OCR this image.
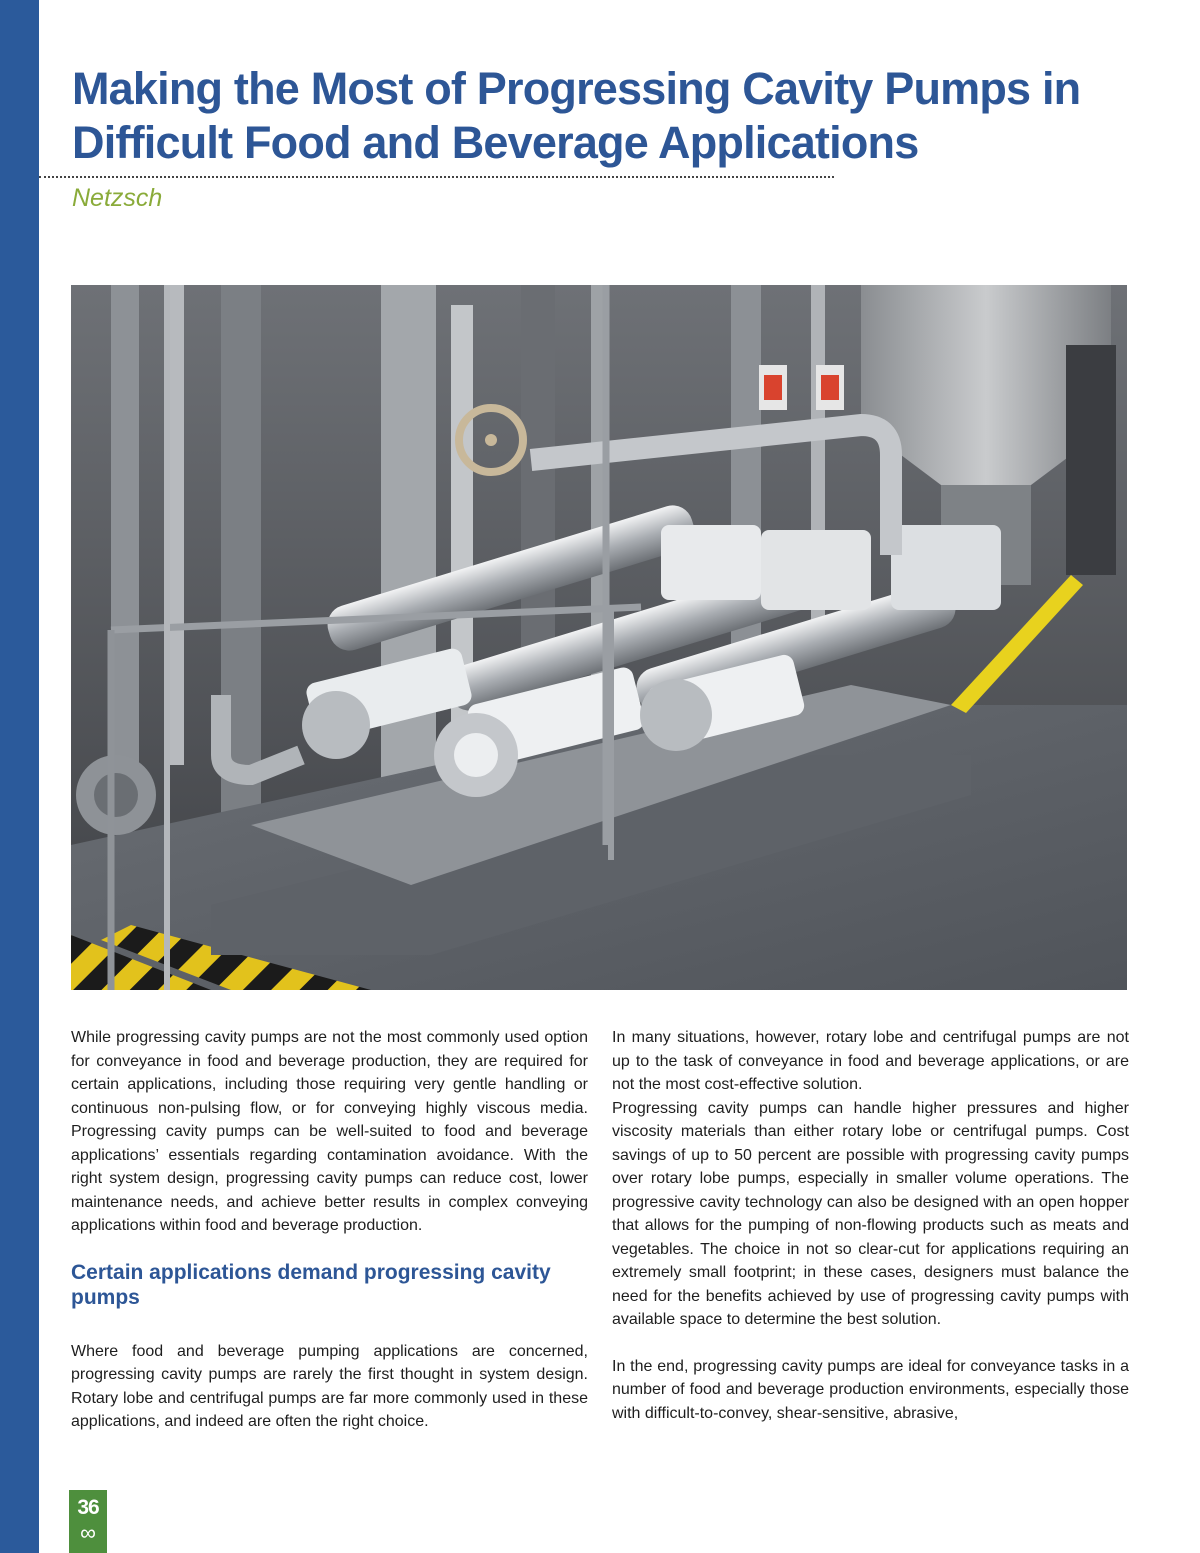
Making the Most of Progressing Cavity Pumps in Difficult Food and Beverage Applications
Netzsch

While progressing cavity pumps are not the most commonly used option for conveyance in food and beverage production, they are required for certain applications, including those requiring very gentle handling or continuous non-pulsing flow, or for conveying highly viscous media. Progressing cavity pumps can be well-suited to food and beverage applications’ essentials regarding contamination avoidance. With the right system design, progressing cavity pumps can reduce cost, lower maintenance needs, and achieve better results in complex conveying applications within food and beverage production.

Certain applications demand progressing cavity pumps

Where food and beverage pumping applications are concerned, progressing cavity pumps are rarely the first thought in system design. Rotary lobe and centrifugal pumps are far more commonly used in these applications, and indeed are often the right choice.

In many situations, however, rotary lobe and centrifugal pumps are not up to the task of conveyance in food and beverage applications, or are not the most cost-effective solution.

Progressing cavity pumps can handle higher pressures and higher viscosity materials than either rotary lobe or centrifugal pumps. Cost savings of up to 50 percent are possible with progressing cavity pumps over rotary lobe pumps, especially in smaller volume operations. The progressive cavity technology can also be designed with an open hopper that allows for the pumping of non-flowing products such as meats and vegetables. The choice in not so clear-cut for applications requiring an extremely small footprint; in these cases, designers must balance the need for the benefits achieved by use of progressing cavity pumps with available space to determine the best solution.

In the end, progressing cavity pumps are ideal for conveyance tasks in a number of food and beverage production environments, especially those with difficult-to-convey, shear-sensitive, abrasive,

36
∞
